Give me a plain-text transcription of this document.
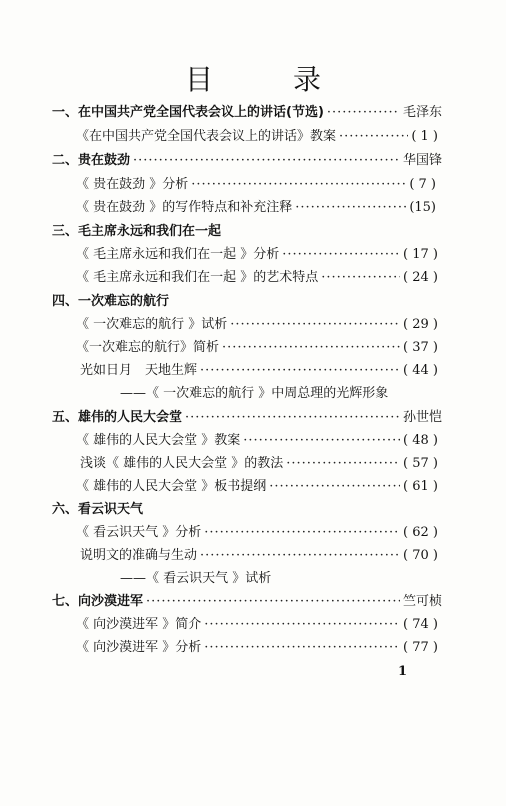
目　录
一、在中国共产党全国代表会议上的讲话(节选) ·····	毛泽东
《在中国共产党全国代表会议上的讲话》教案 ·····	( 1 )
二、贵在鼓劲 ·····	华国锋
《 贵在鼓劲 》分析 ·····	( 7 )
《 贵在鼓劲 》的写作特点和补充注释 ·····	(15)
三、毛主席永远和我们在一起
《 毛主席永远和我们在一起 》分析 ·····	( 17 )
《 毛主席永远和我们在一起 》的艺术特点 ·····	( 24 )
四、一次难忘的航行
《 一次难忘的航行 》试析 ·····	( 29 )
《一次难忘的航行》简析 ·····	( 37 )
光如日月　天地生辉 ·····	( 44 )
——《 一次难忘的航行 》中周总理的光辉形象
五、雄伟的人民大会堂 ·····	孙世恺
《 雄伟的人民大会堂 》教案 ·····	( 48 )
浅谈《 雄伟的人民大会堂 》的教法 ·····	( 57 )
《 雄伟的人民大会堂 》板书提纲 ·····	( 61 )
六、看云识天气
《 看云识天气 》分析 ·····	( 62 )
说明文的准确与生动 ·····	( 70 )
——《 看云识天气 》试析
七、向沙漠进军 ·····	竺可桢
《 向沙漠进军 》简介 ·····	( 74 )
《 向沙漠进军 》分析 ·····	( 77 )
1
